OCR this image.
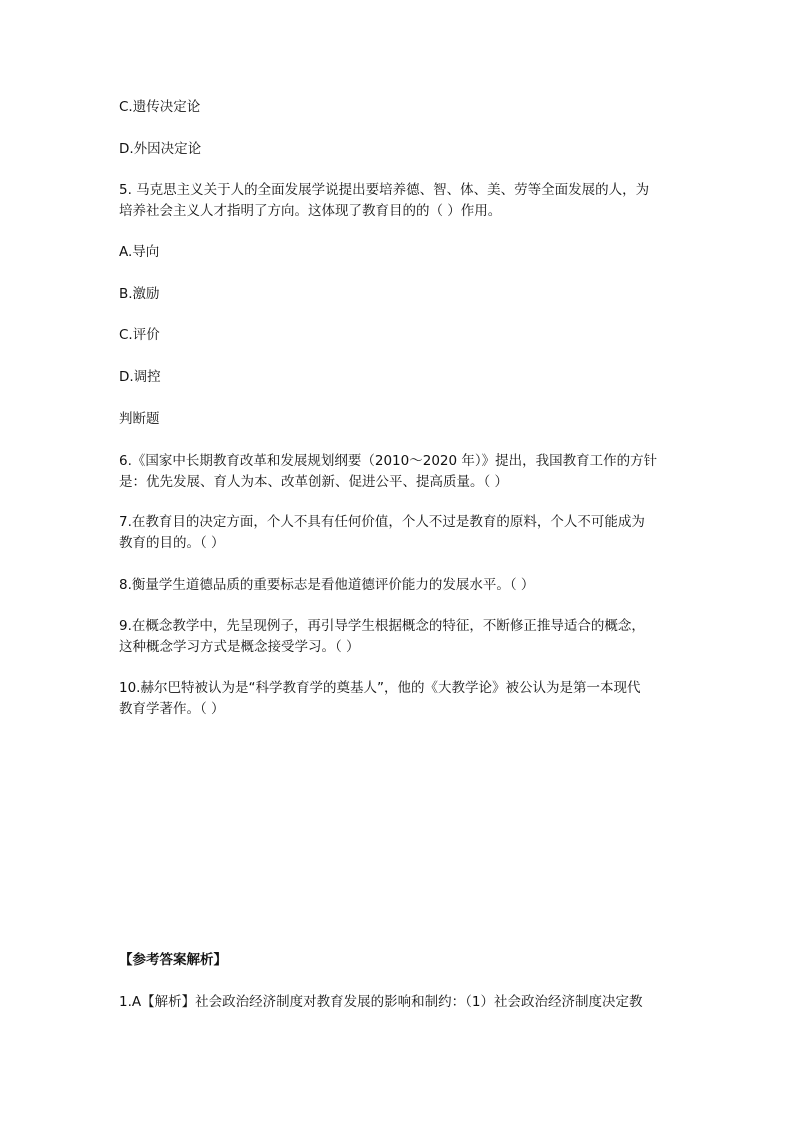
C.遗传决定论
D.外因决定论
5. 马克思主义关于人的全面发展学说提出要培养德、智、体、美、劳等全面发展的人，为
培养社会主义人才指明了方向。这体现了教育目的的（ ）作用。
A.导向
B.激励
C.评价
D.调控
判断题
6.《国家中长期教育改革和发展规划纲要（2010～2020 年）》提出，我国教育工作的方针
是：优先发展、育人为本、改革创新、促进公平、提高质量。（ ）
7.在教育目的决定方面，个人不具有任何价值，个人不过是教育的原料，个人不可能成为
教育的目的。（ ）
8.衡量学生道德品质的重要标志是看他道德评价能力的发展水平。（ ）
9.在概念教学中，先呈现例子，再引导学生根据概念的特征，不断修正推导适合的概念，
这种概念学习方式是概念接受学习。（ ）
10.赫尔巴特被认为是“科学教育学的奠基人”，他的《大教学论》被公认为是第一本现代
教育学著作。（ ）
【参考答案解析】
1.A【解析】社会政治经济制度对教育发展的影响和制约：（1）社会政治经济制度决定教
